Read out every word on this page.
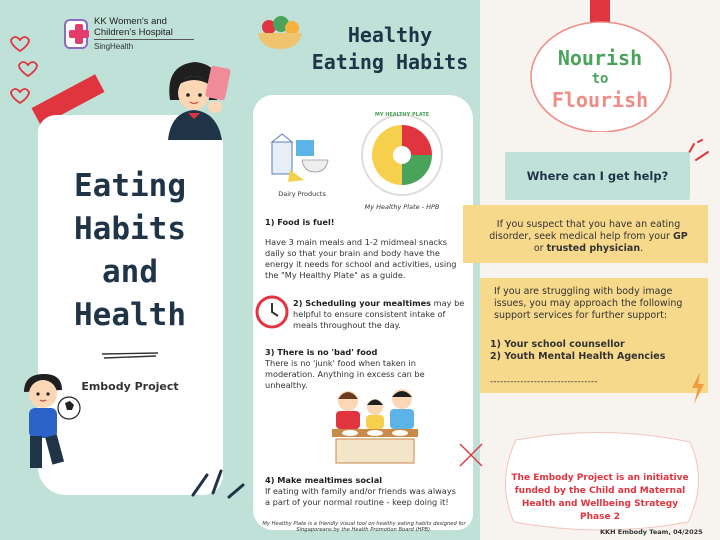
KK Women's and
Children's Hospital
SingHealth
Eating
Habits
and
Health
Embody Project
Healthy
Eating Habits
Dairy Products
MY HEALTHY PLATE
My Healthy Plate - HPB
1) Food is fuel!
Have 3 main meals and 1-2 midmeal snacks daily so that your brain and body have the energy it needs for school and activities, using the "My Healthy Plate" as a guide.
2) Scheduling your mealtimes may be helpful to ensure consistent intake of meals throughout the day.
3) There is no 'bad' food
There is no 'junk' food when taken in moderation. Anything in excess can be unhealthy.
4) Make mealtimes social
If eating with family and/or friends was always a part of your normal routine - keep doing it!
My Healthy Plate is a friendly visual tool on healthy eating habits designed for Singaporeans by the Health Promotion Board (HPB).
Nourish
to
Flourish
Where can I get help?
If you suspect that you have an eating disorder, seek medical help from your GP or trusted physician.
If you are struggling with body image issues, you may approach the following support services for further support:
1) Your school counsellor
2) Youth Mental Health Agencies
--------------------------------
The Embody Project is an initiative funded by the Child and Maternal Health and Wellbeing Strategy Phase 2
KKH Embody Team, 04/2025
